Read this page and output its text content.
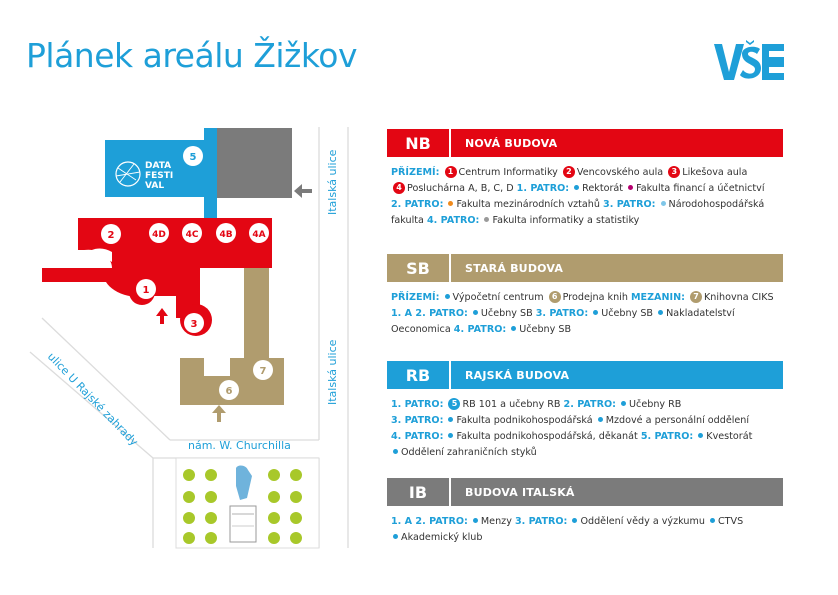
Plánek areálu Žižkov
DATA
FESTI
VAL
2	4D 4C 4B 4A
1
3
5
6
7
Italská ulice
Italská ulice
ulice U Rajské zahrady	nám. W. Churchilla
NB	NOVÁ BUDOVA
PŘÍZEMÍ: 1 Centrum Informatiky 2 Vencovského aula 3 Likešova aula
4 Posluchárna A, B, C, D 1. PATRO: Rektorát Fakulta financí a účetnictví
2. PATRO: Fakulta mezinárodních vztahů 3. PATRO: Národohospodářská
fakulta 4. PATRO: Fakulta informatiky a statistiky
SB	STARÁ BUDOVA
PŘÍZEMÍ: Výpočetní centrum 6 Prodejna knih MEZANIN: 7 Knihovna CIKS
1. A 2. PATRO: Učebny SB 3. PATRO: Učebny SB Nakladatelství
Oeconomica 4. PATRO: Učebny SB
RB	RAJSKÁ BUDOVA
1. PATRO: 5 RB 101 a učebny RB 2. PATRO: Učebny RB
3. PATRO: Fakulta podnikohospodářská Mzdové a personální oddělení
4. PATRO: Fakulta podnikohospodářská, děkanát 5. PATRO: Kvestorát
Oddělení zahraničních styků
IB	BUDOVA ITALSKÁ
1. A 2. PATRO: Menzy 3. PATRO: Oddělení vědy a výzkumu CTVS
Akademický klub
